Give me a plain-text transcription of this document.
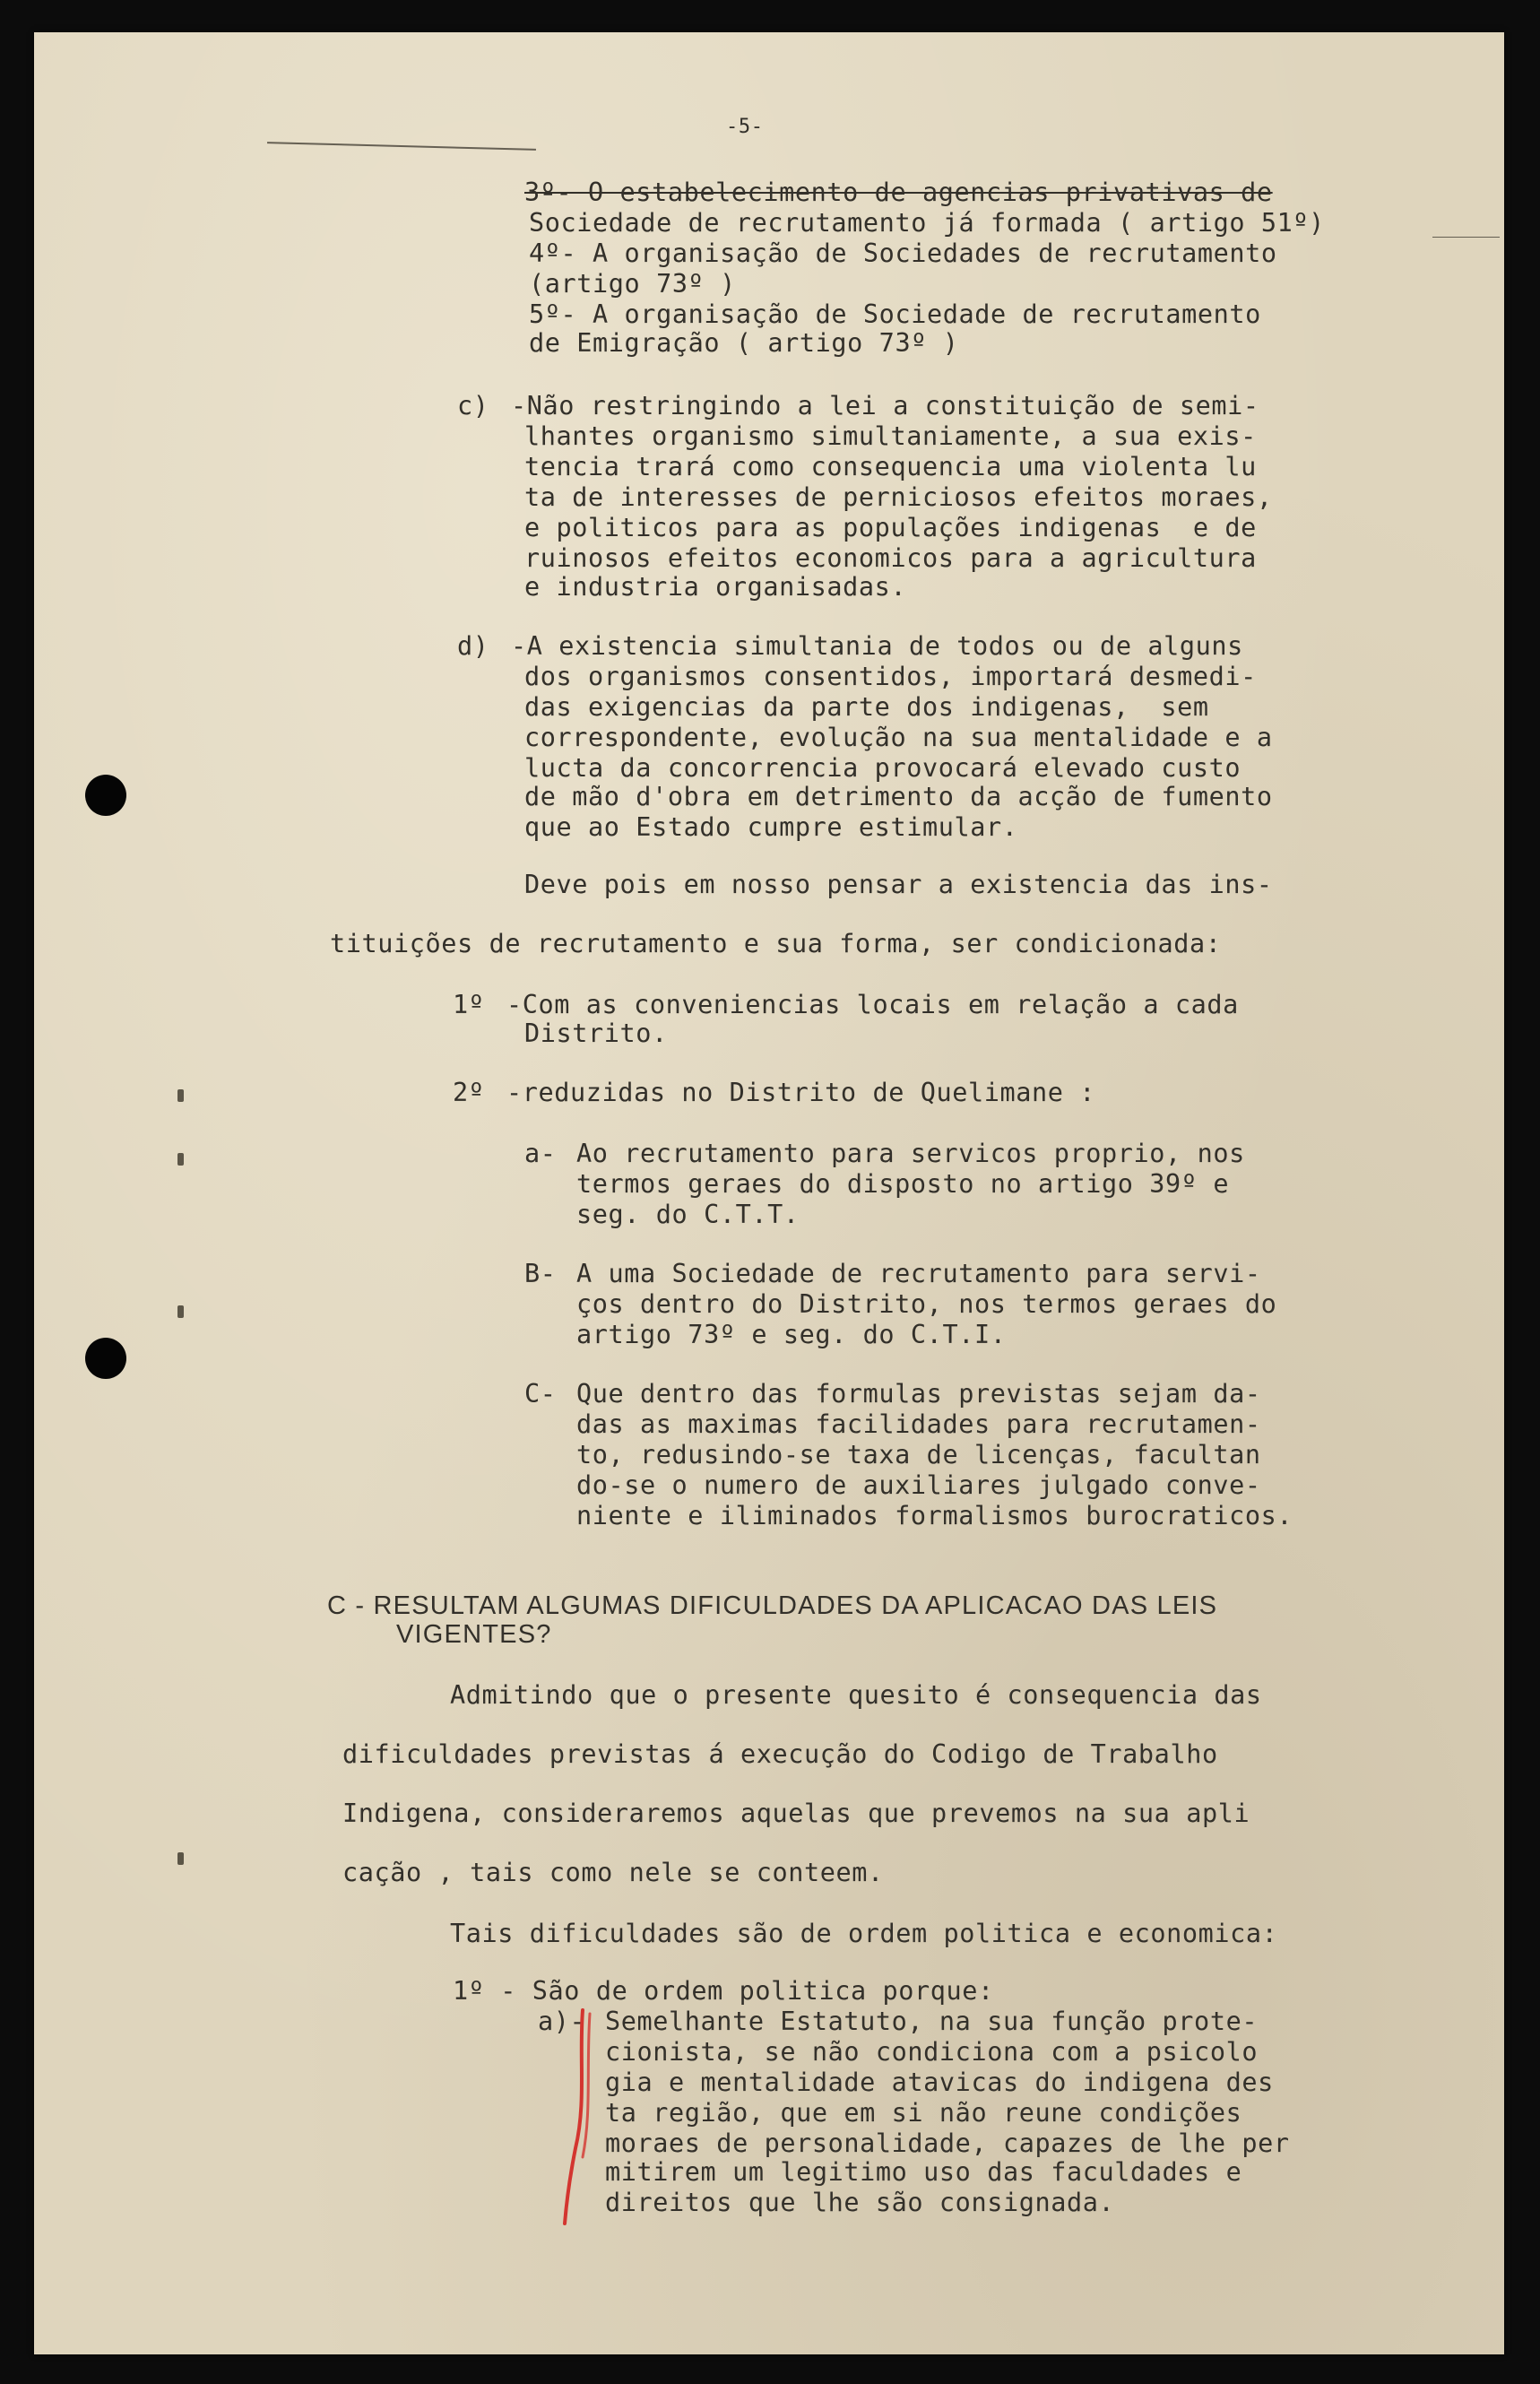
-5-
3º- O estabelecimento de agencias privativas de
Sociedade de recrutamento já formada ( artigo 51º)
4º- A organisação de Sociedades de recrutamento
(artigo 73º )
5º- A organisação de Sociedade de recrutamento
de Emigração ( artigo 73º )
c) -Não restringindo a lei a constituição de semi-
lhantes organismo simultaniamente, a sua exis-
tencia trará como consequencia uma violenta lu
ta de interesses de perniciosos efeitos moraes,
e politicos para as populações indigenas  e de
ruinosos efeitos economicos para a agricultura
e industria organisadas.
d) -A existencia simultania de todos ou de alguns
dos organismos consentidos, importará desmedi-
das exigencias da parte dos indigenas,  sem
correspondente, evolução na sua mentalidade e a
lucta da concorrencia provocará elevado custo
de mão d'obra em detrimento da acção de fumento
que ao Estado cumpre estimular.
Deve pois em nosso pensar a existencia das ins-
tituições de recrutamento e sua forma, ser condicionada:
1º -Com as conveniencias locais em relação a cada
Distrito.
2º -reduzidas no Distrito de Quelimane :
a- Ao recrutamento para servicos proprio, nos
termos geraes do disposto no artigo 39º e
seg. do C.T.T.
B- A uma Sociedade de recrutamento para servi-
ços dentro do Distrito, nos termos geraes do
artigo 73º e seg. do C.T.I.
C- Que dentro das formulas previstas sejam da-
das as maximas facilidades para recrutamen-
to, redusindo-se taxa de licenças, facultan
do-se o numero de auxiliares julgado conve-
niente e iliminados formalismos burocraticos.
C - RESULTAM ALGUMAS DIFICULDADES DA APLICACAO DAS LEIS
VIGENTES?
Admitindo que o presente quesito é consequencia das
dificuldades previstas á execução do Codigo de Trabalho
Indigena, consideraremos aquelas que prevemos na sua apli
cação , tais como nele se conteem.
Tais dificuldades são de ordem politica e economica:
1º - São de ordem politica porque:
a)- Semelhante Estatuto, na sua função prote-
cionista, se não condiciona com a psicolo
gia e mentalidade atavicas do indigena des
ta região, que em si não reune condições
moraes de personalidade, capazes de lhe per
mitirem um legitimo uso das faculdades e
direitos que lhe são consignada.
